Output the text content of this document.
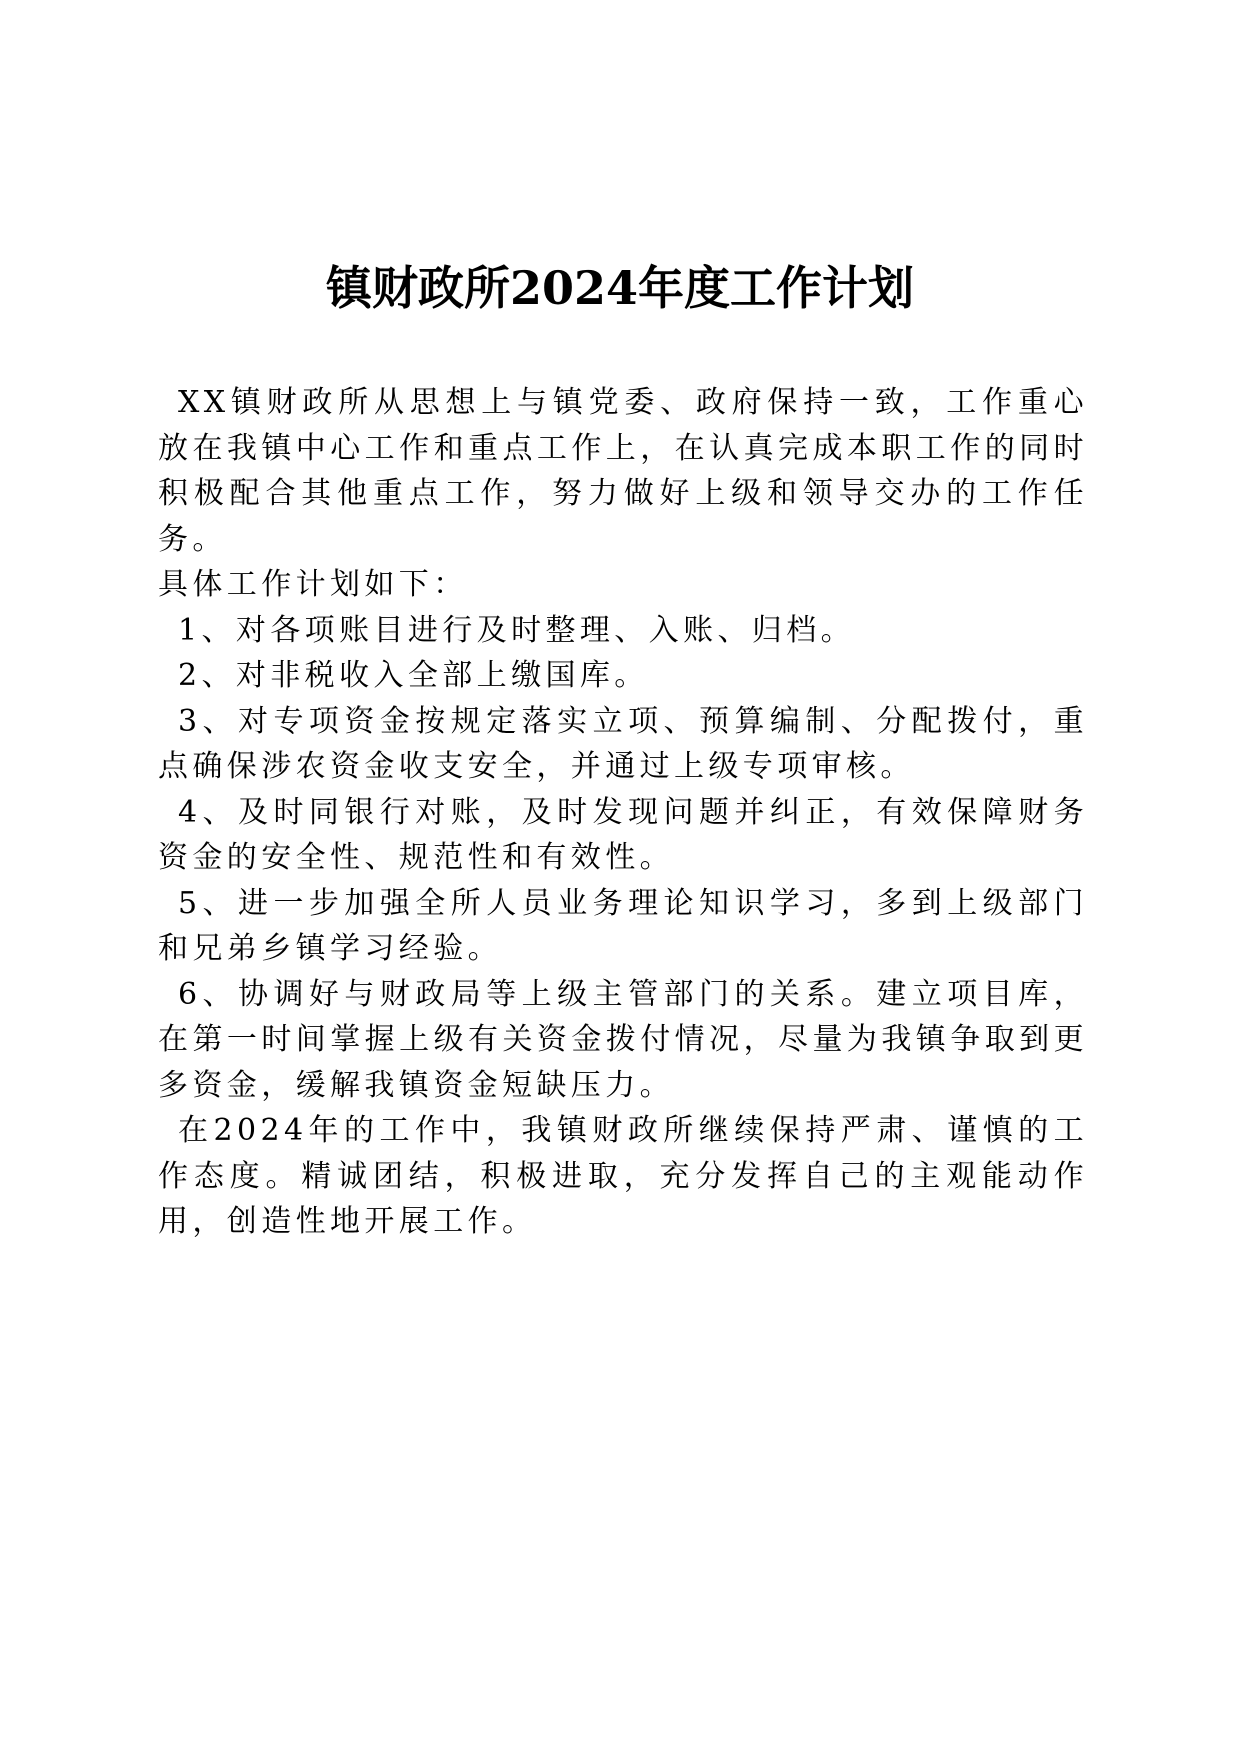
镇财政所2024年度工作计划

XX镇财政所从思想上与镇党委、政府保持一致，工作重心放在我镇中心工作和重点工作上，在认真完成本职工作的同时积极配合其他重点工作，努力做好上级和领导交办的工作任务。

具体工作计划如下：

1、对各项账目进行及时整理、入账、归档。

2、对非税收入全部上缴国库。

3、对专项资金按规定落实立项、预算编制、分配拨付，重点确保涉农资金收支安全，并通过上级专项审核。

4、及时同银行对账，及时发现问题并纠正，有效保障财务资金的安全性、规范性和有效性。

5、进一步加强全所人员业务理论知识学习，多到上级部门和兄弟乡镇学习经验。

6、协调好与财政局等上级主管部门的关系。建立项目库，在第一时间掌握上级有关资金拨付情况，尽量为我镇争取到更多资金，缓解我镇资金短缺压力。

在2024年的工作中，我镇财政所继续保持严肃、谨慎的工作态度。精诚团结，积极进取，充分发挥自己的主观能动作用，创造性地开展工作。
